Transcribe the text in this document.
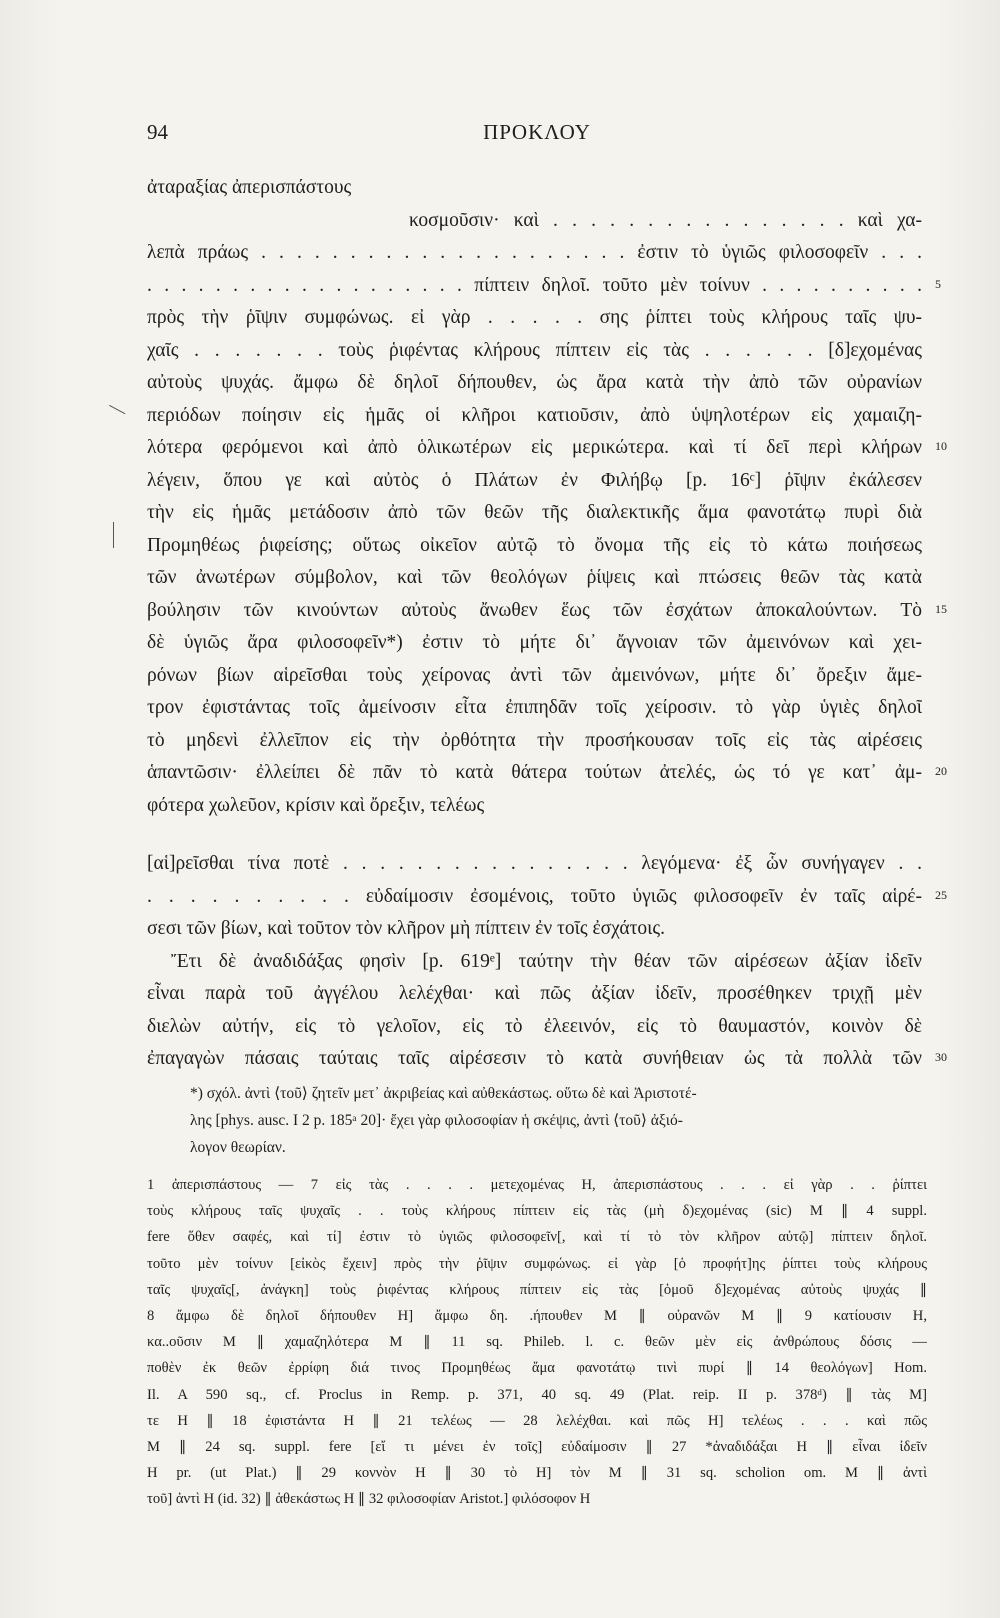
94	ΠΡΟΚΛΟΥ
ἀταραξίας ἀπερισπάστους
κοσμοῦσιν· καὶ . . . . . . . . . . . . . . . . καὶ χα-
λεπὰ πράως . . . . . . . . . . . . . . . . . . . . . ἐστιν τὸ ὑγιῶς φιλοσοφεῖν . . .
. . . . . . . . . . . . . . . . . . . πίπτειν δηλοῖ. τοῦτο μὲν τοίνυν . . . . . . . . . . 5
πρὸς τὴν ῥῖψιν συμφώνως. εἰ γὰρ . . . . . σης ῥίπτει τοὺς κλήρους ταῖς ψυ-
χαῖς . . . . . . . τοὺς ῥιφέντας κλήρους πίπτειν εἰς τὰς . . . . . . [δ]εχομένας
αὐτοὺς ψυχάς. ἄμφω δὲ δηλοῖ δήπουθεν, ὡς ἄρα κατὰ τὴν ἀπὸ τῶν οὐρανίων
περιόδων ποίησιν εἰς ἡμᾶς οἱ κλῆροι κατιοῦσιν, ἀπὸ ὑψηλοτέρων εἰς χαμαιζη-
λότερα φερόμενοι καὶ ἀπὸ ὁλικωτέρων εἰς μερικώτερα. καὶ τί δεῖ περὶ κλήρων 10
λέγειν, ὅπου γε καὶ αὐτὸς ὁ Πλάτων ἐν Φιλήβῳ [p. 16ᶜ] ῥῖψιν ἐκάλεσεν
τὴν εἰς ἡμᾶς μετάδοσιν ἀπὸ τῶν θεῶν τῆς διαλεκτικῆς ἅμα φανοτάτῳ πυρὶ διὰ
Προμηθέως ῥιφείσης; οὕτως οἰκεῖον αὐτῷ τὸ ὄνομα τῆς εἰς τὸ κάτω ποιήσεως
τῶν ἀνωτέρων σύμβολον, καὶ τῶν θεολόγων ῥίψεις καὶ πτώσεις θεῶν τὰς κατὰ
βούλησιν τῶν κινούντων αὐτοὺς ἄνωθεν ἕως τῶν ἐσχάτων ἀποκαλούντων. Τὸ 15
δὲ ὑγιῶς ἄρα φιλοσοφεῖν*) ἐστιν τὸ μήτε δι᾽ ἄγνοιαν τῶν ἀμεινόνων καὶ χει-
ρόνων βίων αἱρεῖσθαι τοὺς χείρονας ἀντὶ τῶν ἀμεινόνων, μήτε δι᾽ ὄρεξιν ἄμε-
τρον ἐφιστάντας τοῖς ἀμείνοσιν εἶτα ἐπιπηδᾶν τοῖς χείροσιν. τὸ γὰρ ὑγιὲς δηλοῖ
τὸ μηδενὶ ἐλλεῖπον εἰς τὴν ὀρθότητα τὴν προσήκουσαν τοῖς εἰς τὰς αἱρέσεις
ἁπαντῶσιν· ἐλλείπει δὲ πᾶν τὸ κατὰ θάτερα τούτων ἀτελές, ὡς τό γε κατ᾽ ἀμ- 20
φότερα χωλεῦον, κρίσιν καὶ ὄρεξιν, τελέως
[αἱ]ρεῖσθαι τίνα ποτὲ . . . . . . . . . . . . . . . . λεγόμενα· ἐξ ὧν συνήγαγεν . .
. . . . . . . . . . εὐδαίμοσιν ἐσομένοις, τοῦτο ὑγιῶς φιλοσοφεῖν ἐν ταῖς αἱρέ- 25
σεσι τῶν βίων, καὶ τοῦτον τὸν κλῆρον μὴ πίπτειν ἐν τοῖς ἐσχάτοις.
Ἔτι δὲ ἀναδιδάξας φησὶν [p. 619ᵉ] ταύτην τὴν θέαν τῶν αἱρέσεων ἀξίαν ἰδεῖν
εἶναι παρὰ τοῦ ἀγγέλου λελέχθαι· καὶ πῶς ἀξίαν ἰδεῖν, προσέθηκεν τριχῇ μὲν
διελὼν αὐτήν, εἰς τὸ γελοῖον, εἰς τὸ ἐλεεινόν, εἰς τὸ θαυμαστόν, κοινὸν δὲ
ἐπαγαγὼν πάσαις ταύταις ταῖς αἱρέσεσιν τὸ κατὰ συνήθειαν ὡς τὰ πολλὰ τῶν 30
*) σχόλ. ἀντὶ ⟨τοῦ⟩ ζητεῖν μετ᾽ ἀκριβείας καὶ αὐθεκάστως. οὕτω δὲ καὶ Ἀριστοτέ-
λης [phys. ausc. I 2 p. 185ᵃ 20]· ἔχει γὰρ φιλοσοφίαν ἡ σκέψις, ἀντὶ ⟨τοῦ⟩ ἀξιό-
λογον θεωρίαν.
1 ἀπερισπάστους — 7 εἰς τὰς . . . . μετεχομένας H, ἀπερισπάστους . . . εἰ γὰρ . . ῥίπτει
τοὺς κλήρους ταῖς ψυχαῖς . . τοὺς κλήρους πίπτειν εἰς τὰς (μὴ δ)εχομένας (sic) M ∥ 4 suppl.
fere ὅθεν σαφές, καὶ τί] ἐστιν τὸ ὑγιῶς φιλοσοφεῖν[, καὶ τί τὸ τὸν κλῆρον αὐτῷ] πίπτειν δηλοῖ.
τοῦτο μὲν τοίνυν [εἰκὸς ἔχειν] πρὸς τὴν ῥῖψιν συμφώνως. εἰ γὰρ [ὁ προφήτ]ης ῥίπτει τοὺς κλήρους
ταῖς ψυχαῖς[, ἀνάγκη] τοὺς ῥιφέντας κλήρους πίπτειν εἰς τὰς [ὁμοῦ δ]εχομένας αὐτοὺς ψυχάς ∥
8 ἄμφω δὲ δηλοῖ δήπουθεν H] ἄμφω δη. .ήπουθεν M ∥ οὐρανῶν M ∥ 9 κατίουσιν H,
κα..οῦσιν M ∥ χαμαζηλότερα M ∥ 11 sq. Phileb. l. c. θεῶν μὲν εἰς ἀνθρώπους δόσις —
ποθὲν ἐκ θεῶν ἐρρίφη διά τινος Προμηθέως ἅμα φανοτάτῳ τινὶ πυρί ∥ 14 θεολόγων] Hom.
Il. A 590 sq., cf. Proclus in Remp. p. 371, 40 sq. 49 (Plat. reip. II p. 378ᵈ) ∥ τὰς M]
τε H ∥ 18 ἐφιστάντα H ∥ 21 τελέως — 28 λελέχθαι. καὶ πῶς H] τελέως . . . καὶ πῶς
M ∥ 24 sq. suppl. fere [εἴ τι μένει ἐν τοῖς] εὐδαίμοσιν ∥ 27 *ἀναδιδάξαι H ∥ εἶναι ἰδεῖν
H pr. (ut Plat.) ∥ 29 κοννὸν H ∥ 30 τὸ H] τὸν M ∥ 31 sq. scholion om. M ∥ ἀντὶ
τοῦ] ἀντὶ H (id. 32) ∥ ἀθεκάστως H ∥ 32 φιλοσοφίαν Aristot.] φιλόσοφον H
